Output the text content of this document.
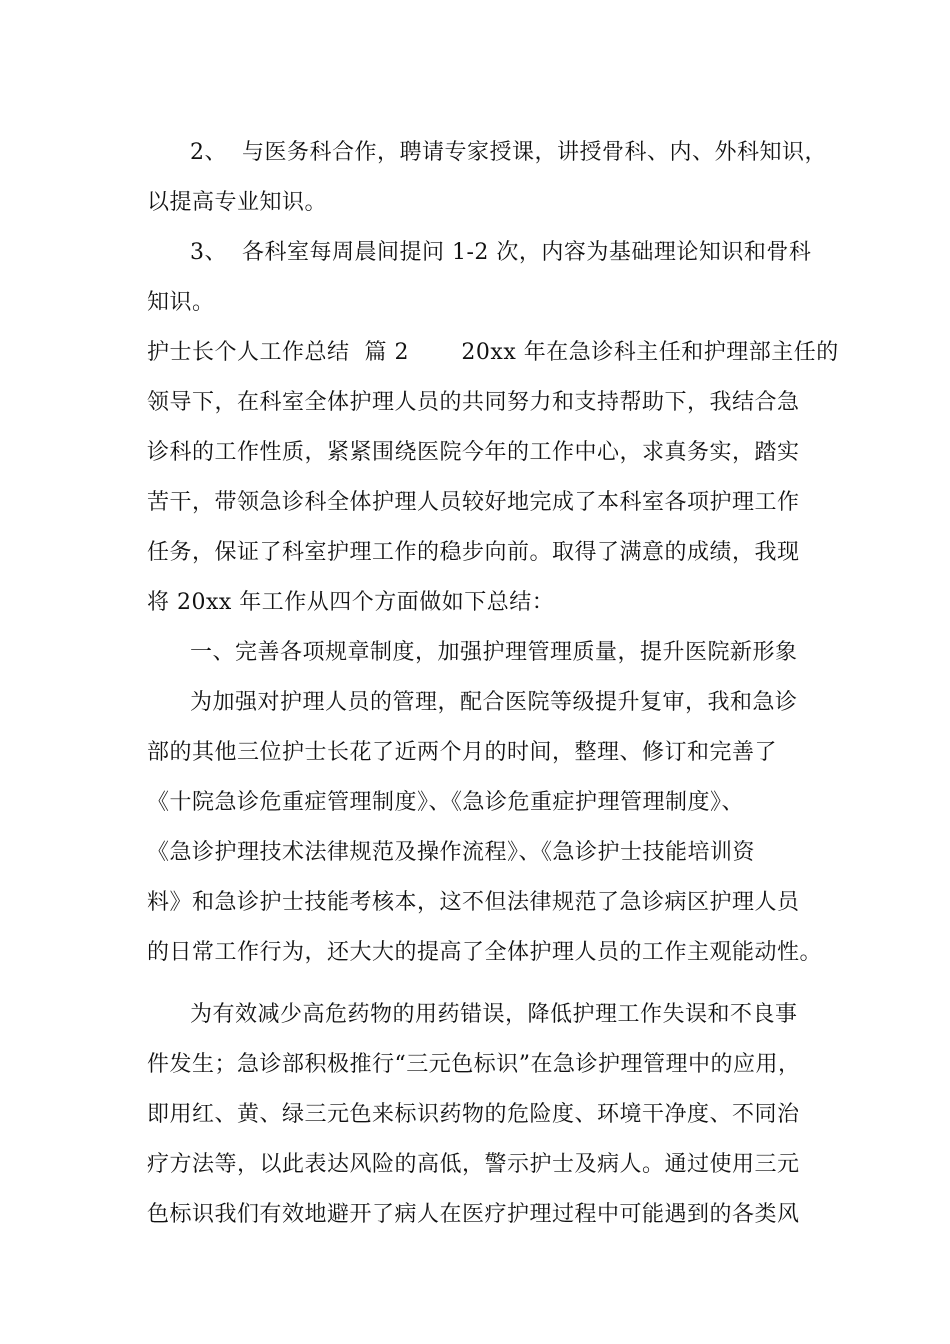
2、  与医务科合作，聘请专家授课，讲授骨科、内、外科知识，
以提高专业知识。
3、  各科室每周晨间提问 1-2 次，内容为基础理论知识和骨科
知识。
护士长个人工作总结  篇 2       20xx 年在急诊科主任和护理部主任的
领导下，在科室全体护理人员的共同努力和支持帮助下，我结合急
诊科的工作性质，紧紧围绕医院今年的工作中心，求真务实，踏实
苦干，带领急诊科全体护理人员较好地完成了本科室各项护理工作
任务，保证了科室护理工作的稳步向前。取得了满意的成绩，我现
将 20xx 年工作从四个方面做如下总结：
一、完善各项规章制度，加强护理管理质量，提升医院新形象
为加强对护理人员的管理，配合医院等级提升复审，我和急诊
部的其他三位护士长花了近两个月的时间，整理、修订和完善了
《十院急诊危重症管理制度》、《急诊危重症护理管理制度》、
《急诊护理技术法律规范及操作流程》、《急诊护士技能培训资
料》和急诊护士技能考核本，这不但法律规范了急诊病区护理人员
的日常工作行为，还大大的提高了全体护理人员的工作主观能动性。
为有效减少高危药物的用药错误，降低护理工作失误和不良事
件发生；急诊部积极推行“三元色标识”在急诊护理管理中的应用，
即用红、黄、绿三元色来标识药物的危险度、环境干净度、不同治
疗方法等，以此表达风险的高低，警示护士及病人。通过使用三元
色标识我们有效地避开了病人在医疗护理过程中可能遇到的各类风
